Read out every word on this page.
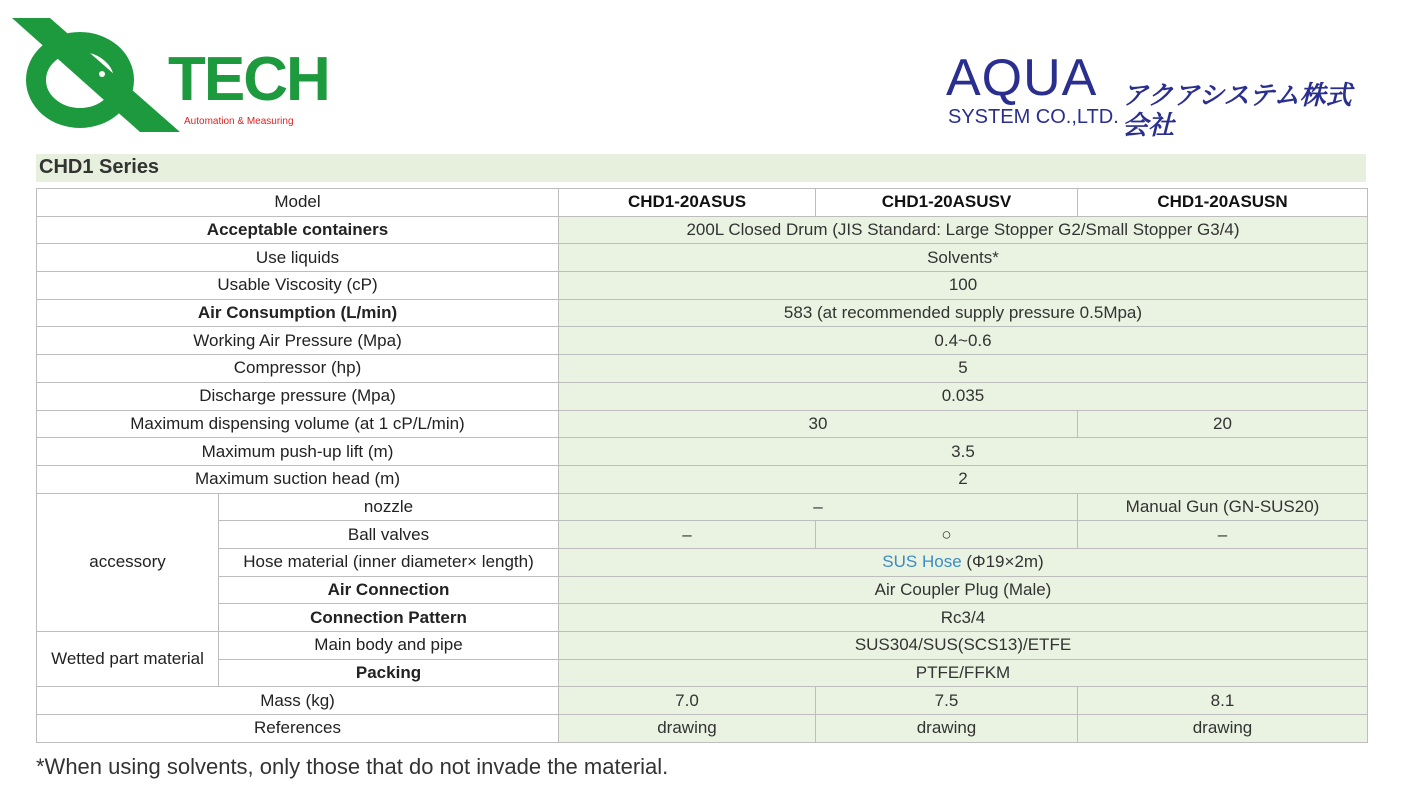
TECH
Automation & Measuring
AQUA
SYSTEM CO.,LTD.
アクアシステム株式会社
CHD1 Series
Model		CHD1-20ASUS	CHD1-20ASUSV	CHD1-20ASUSN
Acceptable containers		200L Closed Drum (JIS Standard: Large Stopper G2/Small Stopper G3/4)		
Use liquids		Solvents*		
Usable Viscosity (cP)		100		
Air Consumption (L/min)		583 (at recommended supply pressure 0.5Mpa)		
Working Air Pressure (Mpa)		0.4~0.6		
Compressor (hp)		5		
Discharge pressure (Mpa)		0.035		
Maximum dispensing volume (at 1 cP/L/min)		30		20
Maximum push-up lift (m)		3.5		
Maximum suction head (m)		2		
accessory	nozzle	–		Manual Gun (GN-SUS20)
	Ball valves	–	○	–
	Hose material (inner diameter× length)	SUS Hose (Φ19×2m)		
	Air Connection	Air Coupler Plug (Male)		
	Connection Pattern	Rc3/4		
Wetted part material	Main body and pipe	SUS304/SUS(SCS13)/ETFE		
	Packing	PTFE/FFKM		
Mass (kg)		7.0	7.5	8.1
References		drawing	drawing	drawing
*When using solvents, only those that do not invade the material.
